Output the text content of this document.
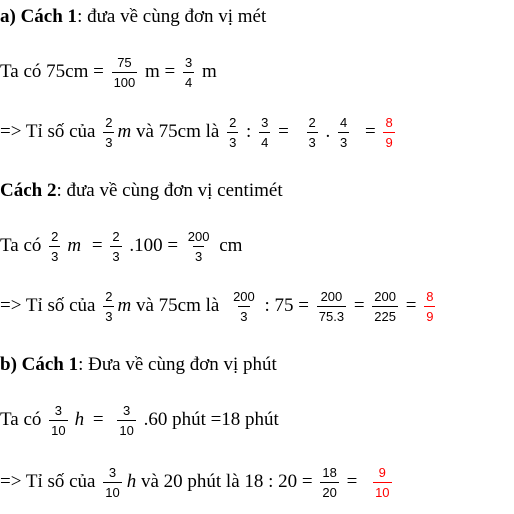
a) Cách 1 : đưa về cùng đơn vị mét
Ta có $75cm = \frac{75}{100}$ $m = \frac{3}{4}$ m
=> Tỉ số của $\frac{2}{3}$ m và 75cm là $\frac{2}{3}$ : $\frac{3}{4} = \frac{2}{3}$ . $\frac{4}{3} = \frac{8}{9}$
Cách 2 : đưa về cùng đơn vị centimét
Ta có $\frac{2}{3}$ $m = \frac{2}{3} .100 = \frac{200}{3}$ cm
=> Tỉ số của $\frac{2}{3}$ m và 75cm là $\frac{200}{3}$ : $75 = \frac{200}{75.3} = \frac{200}{225} = \frac{8}{9}$
b) Cách 1 : Đưa về cùng đơn vị phút
Ta có $\frac{3}{10}$ $h = \frac{3}{10} .60$ phút =18 phút
=> Tỉ số của $\frac{3}{10}$ h và 20 phút là 18 : $20 = \frac{18}{20} = \frac{9}{10}$
